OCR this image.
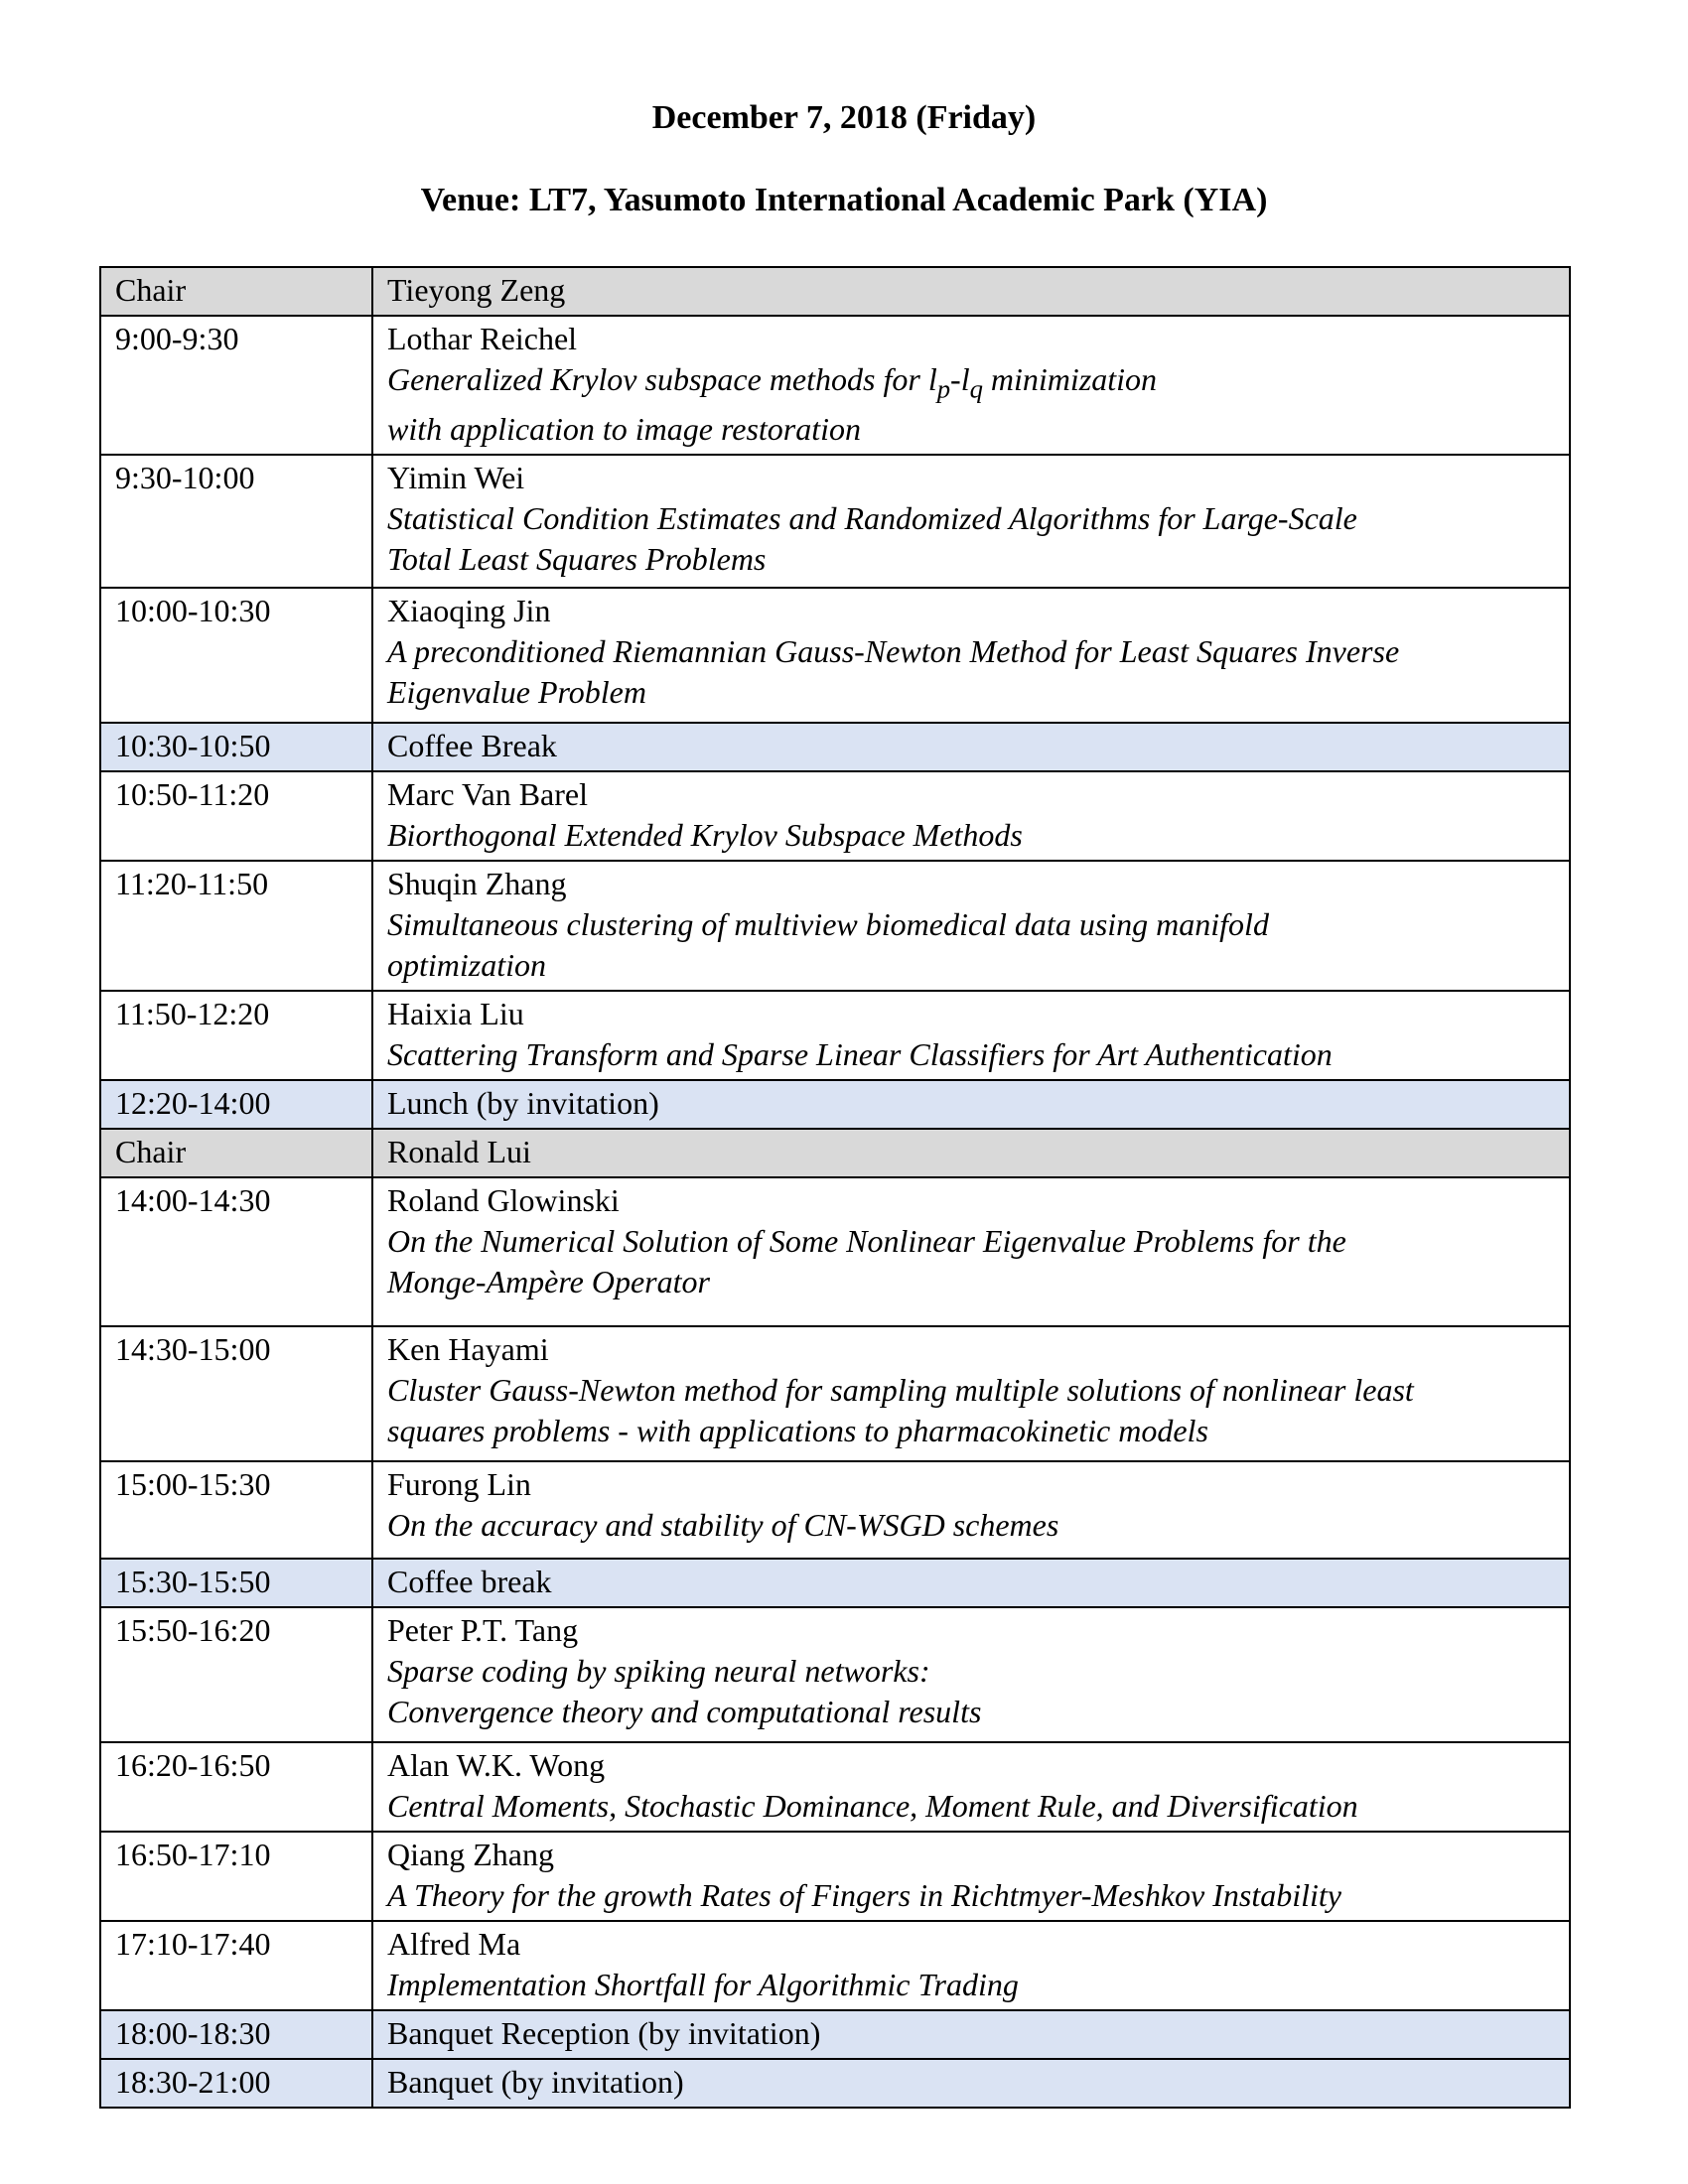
December 7, 2018 (Friday)
Venue: LT7, Yasumoto International Academic Park (YIA)
Chair	Tieyong Zeng
9:00-9:30	Lothar Reichel
Generalized Krylov subspace methods for $l_p-l_q$ minimization
with application to image restoration

9:30-10:00	Yimin Wei
Statistical Condition Estimates and Randomized Algorithms for Large-Scale
Total Least Squares Problems

10:00-10:30	Xiaoqing Jin
A preconditioned Riemannian Gauss-Newton Method for Least Squares Inverse
Eigenvalue Problem

10:30-10:50	Coffee Break
10:50-11:20	Marc Van Barel
Biorthogonal Extended Krylov Subspace Methods

11:20-11:50	Shuqin Zhang
Simultaneous clustering of multiview biomedical data using manifold
optimization

11:50-12:20	Haixia Liu
Scattering Transform and Sparse Linear Classifiers for Art Authentication

12:20-14:00	Lunch (by invitation)
Chair	Ronald Lui
14:00-14:30	Roland Glowinski
On the Numerical Solution of Some Nonlinear Eigenvalue Problems for the
Monge-Ampère Operator

14:30-15:00	Ken Hayami
Cluster Gauss-Newton method for sampling multiple solutions of nonlinear least
squares problems - with applications to pharmacokinetic models

15:00-15:30	Furong Lin
On the accuracy and stability of CN-WSGD schemes

15:30-15:50	Coffee break
15:50-16:20	Peter P.T. Tang
Sparse coding by spiking neural networks:
Convergence theory and computational results

16:20-16:50	Alan W.K. Wong
Central Moments, Stochastic Dominance, Moment Rule, and Diversification

16:50-17:10	Qiang Zhang
A Theory for the growth Rates of Fingers in Richtmyer-Meshkov Instability

17:10-17:40	Alfred Ma
Implementation Shortfall for Algorithmic Trading

18:00-18:30	Banquet Reception (by invitation)
18:30-21:00	Banquet (by invitation)
